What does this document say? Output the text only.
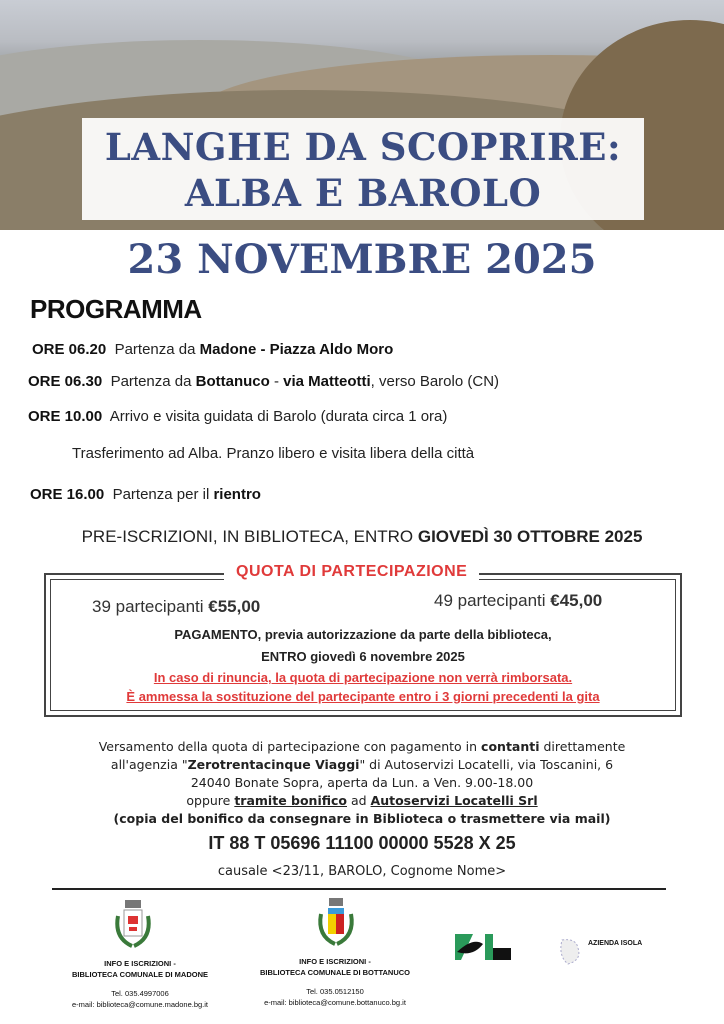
LANGHE DA SCOPRIRE:
ALBA E BAROLO
23 NOVEMBRE 2025
PROGRAMMA
ORE 06.20 Partenza da Madone - Piazza Aldo Moro
ORE 06.30 Partenza da Bottanuco - via Matteotti, verso Barolo (CN)
ORE 10.00 Arrivo e visita guidata di Barolo (durata circa 1 ora)
Trasferimento ad Alba. Pranzo libero e visita libera della città
ORE 16.00 Partenza per il rientro
PRE-ISCRIZIONI, IN BIBLIOTECA, ENTRO GIOVEDÌ 30 OTTOBRE 2025
QUOTA DI PARTECIPAZIONE
39 partecipanti €55,00	49 partecipanti €45,00
PAGAMENTO, previa autorizzazione da parte della biblioteca,
ENTRO giovedì 6 novembre 2025
In caso di rinuncia, la quota di partecipazione non verrà rimborsata.
È ammessa la sostituzione del partecipante entro i 3 giorni precedenti la gita
Versamento della quota di partecipazione con pagamento in contanti direttamente
all'agenzia "Zerotrentacinque Viaggi" di Autoservizi Locatelli, via Toscanini, 6
24040 Bonate Sopra, aperta da Lun. a Ven. 9.00-18.00
oppure tramite bonifico ad Autoservizi Locatelli Srl
(copia del bonifico da consegnare in Biblioteca o trasmettere via mail)
IT 88 T 05696 11100 00000 5528 X 25
causale <23/11, BAROLO, Cognome Nome>
AZIENDA ISOLA
INFO E ISCRIZIONI -
BIBLIOTECA COMUNALE DI MADONE
Tel. 035.4997006
e-mail: biblioteca@comune.madone.bg.it
INFO E ISCRIZIONI -
BIBLIOTECA COMUNALE DI BOTTANUCO
Tel. 035.0512150
e-mail: biblioteca@comune.bottanuco.bg.it
